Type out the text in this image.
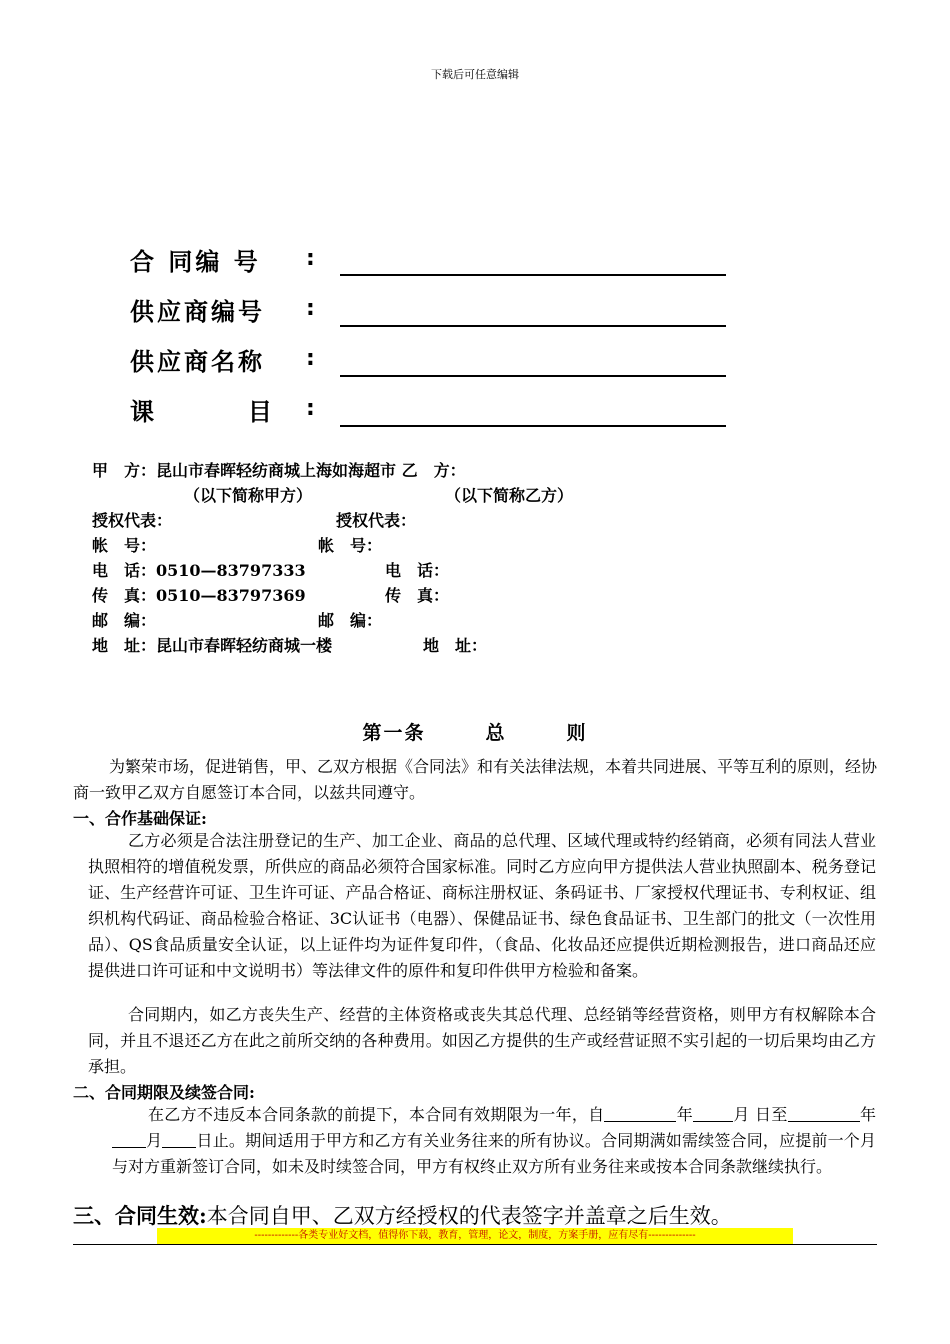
下载后可任意编辑
合 同编 号 :
供应商编号 :
供应商名称 :
课        目 :
甲　方：昆山市春晖轻纺商城上海如海超市 乙　方：
（以下简称甲方）	（以下简称乙方）
授权代表：	授权代表：
帐　号：	帐　号：
电　话：0510—83797333	电　话：
传　真：0510—83797369	传　真：
邮　编：	邮　编：
地　址：昆山市春晖轻纺商城一楼	地　址：
第一条	总	则
为繁荣市场，促进销售，甲、乙双方根据《合同法》和有关法律法规，本着共同进展、平等互利的原则，经协商一致甲乙双方自愿签订本合同，以兹共同遵守。
一、合作基础保证:
乙方必须是合法注册登记的生产、加工企业、商品的总代理、区域代理或特约经销商，必须有同法人营业执照相符的增值税发票，所供应的商品必须符合国家标准。同时乙方应向甲方提供法人营业执照副本、税务登记证、生产经营许可证、卫生许可证、产品合格证、商标注册权证、条码证书、厂家授权代理证书、专利权证、组织机构代码证、商品检验合格证、3C认证书（电器）、保健品证书、绿色食品证书、卫生部门的批文（一次性用品）、QS食品质量安全认证，以上证件均为证件复印件，（食品、化妆品还应提供近期检测报告，进口商品还应提供进口许可证和中文说明书）等法律文件的原件和复印件供甲方检验和备案。
合同期内，如乙方丧失生产、经营的主体资格或丧失其总代理、总经销等经营资格，则甲方有权解除本合同，并且不退还乙方在此之前所交纳的各种费用。如因乙方提供的生产或经营证照不实引起的一切后果均由乙方承担。
二、合同期限及续签合同:
在乙方不违反本合同条款的前提下，本合同有效期限为一年，自	年	月 日至	年月 日止。期间适用于甲方和乙方有关业务往来的所有协议。合同期满如需续签合同，应提前一个月与对方重新签订合同，如未及时续签合同，甲方有权终止双方所有业务往来或按本合同条款继续执行。
三、合同生效:本合同自甲、乙双方经授权的代表签字并盖章之后生效。
-------------各类专业好文档，值得你下载，教育，管理，论文，制度，方案手册，应有尽有--------------
